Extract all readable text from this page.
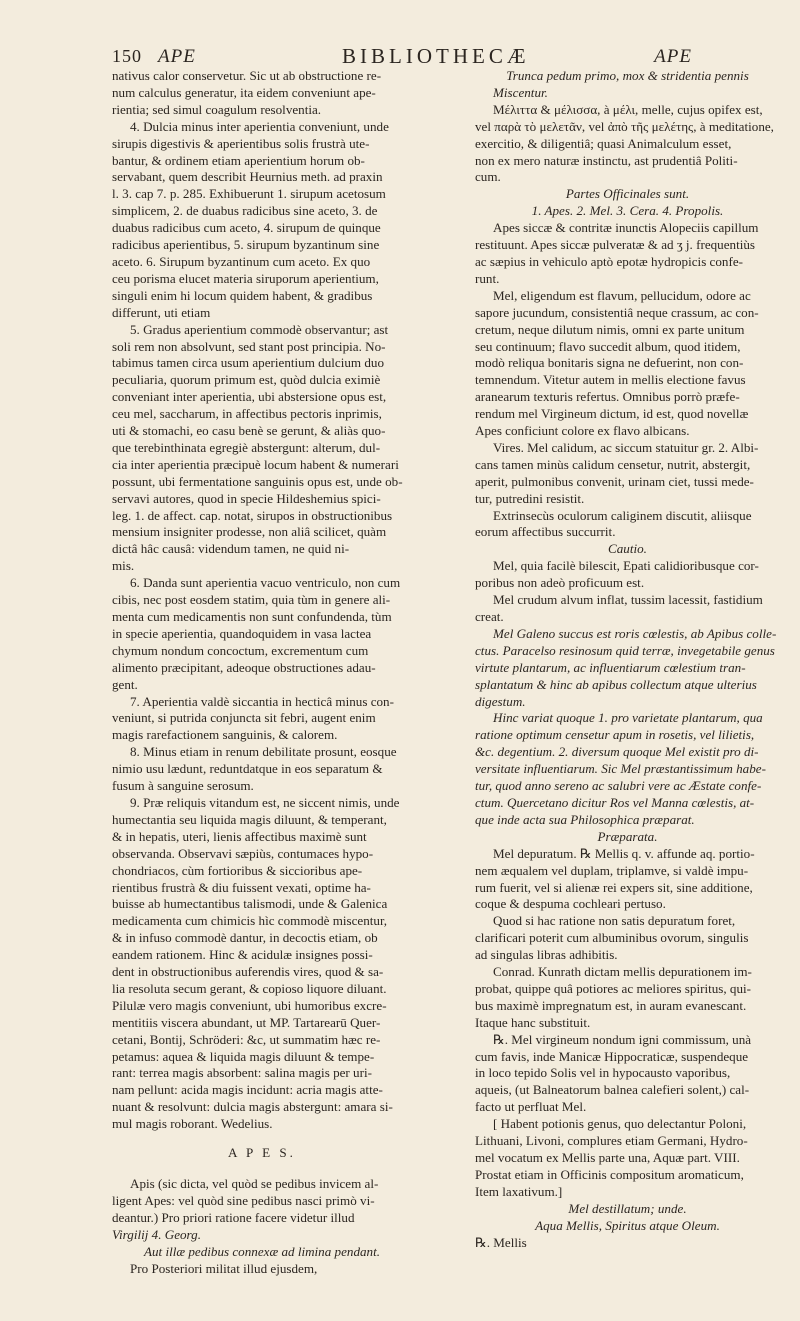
150 APE	BIBLIOTHECÆ	APE

nativus calor conservetur. Sic ut ab obstructione re-

num calculus generatur, ita eidem conveniunt ape-

rientia; sed simul coagulum resolventia.

4. Dulcia minus inter aperientia conveniunt, unde

sirupis digestivis & aperientibus solis frustrà ute-

bantur, & ordinem etiam aperientium horum ob-

servabant, quem describit Heurnius meth. ad praxin

l. 3. cap 7. p. 285. Exhibuerunt 1. sirupum acetosum

simplicem, 2. de duabus radicibus sine aceto, 3. de

duabus radicibus cum aceto, 4. sirupum de quinque

radicibus aperientibus, 5. sirupum byzantinum sine

aceto. 6. Sirupum byzantinum cum aceto. Ex quo

ceu porisma elucet materia siruporum aperientium,

singuli enim hi locum quidem habent, & gradibus

differunt, uti etiam

5. Gradus aperientium commodè observantur; ast

soli rem non absolvunt, sed stant post principia. No-

tabimus tamen circa usum aperientium dulcium duo

peculiaria, quorum primum est, quòd dulcia eximiè

conveniant inter aperientia, ubi abstersione opus est,

ceu mel, saccharum, in affectibus pectoris inprimis,

uti & stomachi, eo casu benè se gerunt, & aliàs quo-

que terebinthinata egregiè abstergunt: alterum, dul-

cia inter aperientia præcipuè locum habent & numerari

possunt, ubi fermentatione sanguinis opus est, unde ob-

servavi autores, quod in specie Hildeshemius spici-

leg. 1. de affect. cap. notat, sirupos in obstructionibus

mensium insigniter prodesse, non aliâ scilicet, quàm

dictâ hâc causâ: videndum tamen, ne quid ni-

mis.

6. Danda sunt aperientia vacuo ventriculo, non cum

cibis, nec post eosdem statim, quia tùm in genere ali-

menta cum medicamentis non sunt confundenda, tùm

in specie aperientia, quandoquidem in vasa lactea

chymum nondum concoctum, excrementum cum

alimento præcipitant, adeoque obstructiones adau-

gent.

7. Aperientia valdè siccantia in hecticâ minus con-

veniunt, si putrida conjuncta sit febri, augent enim

magis rarefactionem sanguinis, & calorem.

8. Minus etiam in renum debilitate prosunt, eosque

nimio usu lædunt, reduntdatque in eos separatum &

fusum à sanguine serosum.

9. Præ reliquis vitandum est, ne siccent nimis, unde

humectantia seu liquida magis diluunt, & temperant,

& in hepatis, uteri, lienis affectibus maximè sunt

observanda. Observavi sæpiùs, contumaces hypo-

chondriacos, cùm fortioribus & siccioribus ape-

rientibus frustrà & diu fuissent vexati, optime ha-

buisse ab humectantibus talismodi, unde & Galenica

medicamenta cum chimicis hìc commodè miscentur,

& in infuso commodè dantur, in decoctis etiam, ob

eandem rationem. Hinc & acidulæ insignes possi-

dent in obstructionibus auferendis vires, quod & sa-

lia resoluta secum gerant, & copioso liquore diluant.

Pilulæ vero magis conveniunt, ubi humoribus excre-

mentitiis viscera abundant, ut MP. Tartarearū Quer-

cetani, Bontij, Schröderi: &c, ut summatim hæc re-

petamus: aquea & liquida magis diluunt & tempe-

rant: terrea magis absorbent: salina magis per uri-

nam pellunt: acida magis incidunt: acria magis atte-

nuant & resolvunt: dulcia magis abstergunt: amara si-

mul magis roborant. Wedelius.

A P E S.

Apis (sic dicta, vel quòd se pedibus invicem al-

ligent Apes: vel quòd sine pedibus nasci primò vi-

deantur.) Pro priori ratione facere videtur illud

Virgilij 4. Georg.

Aut illæ pedibus connexæ ad limina pendant.

Pro Posteriori militat illud ejusdem,

Trunca pedum primo, mox & stridentia pennis

Miscentur.

Μέλιττα & μέλισσα, à μέλι, melle, cujus opifex est,

vel παρὰ τὸ μελετᾶν, vel ἀπὸ τῆς μελέτης, à meditatione,

exercitio, & diligentiâ; quasi Animalculum esset,

non ex mero naturæ instinctu, ast prudentiâ Politi-

cum.

Partes Officinales sunt.

1. Apes. 2. Mel. 3. Cera. 4. Propolis.

Apes siccæ & contritæ inunctis Alopeciis capillum

restituunt. Apes siccæ pulveratæ & ad ʒ j. frequentiùs

ac sæpius in vehiculo aptò epotæ hydropicis confe-

runt.

Mel, eligendum est flavum, pellucidum, odore ac

sapore jucundum, consistentiâ neque crassum, ac con-

cretum, neque dilutum nimis, omni ex parte unitum

seu continuum; flavo succedit album, quod itidem,

modò reliqua bonitaris signa ne defuerint, non con-

temnendum. Vitetur autem in mellis electione favus

aranearum texturis refertus. Omnibus porrò præfe-

rendum mel Virgineum dictum, id est, quod novellæ

Apes conficiunt colore ex flavo albicans.

Vires. Mel calidum, ac siccum statuitur gr. 2. Albi-

cans tamen minùs calidum censetur, nutrit, abstergit,

aperit, pulmonibus convenit, urinam ciet, tussi mede-

tur, putredini resistit.

Extrinsecùs oculorum caliginem discutit, aliisque

eorum affectibus succurrit.

Cautio.

Mel, quia facilè bilescit, Epati calidioribusque cor-

poribus non adeò proficuum est.

Mel crudum alvum inflat, tussim lacessit, fastidium

creat.

Mel Galeno succus est roris cœlestis, ab Apibus colle-

ctus. Paracelso resinosum quid terræ, invegetabile genus

virtute plantarum, ac influentiarum cœlestium tran-

splantatum & hinc ab apibus collectum atque ulterius

digestum.

Hinc variat quoque 1. pro varietate plantarum, qua

ratione optimum censetur apum in rosetis, vel lilietis,

&c. degentium. 2. diversum quoque Mel existit pro di-

versitate influentiarum. Sic Mel præstantissimum habe-

tur, quod anno sereno ac salubri vere ac Æstate confe-

ctum. Quercetano dicitur Ros vel Manna cœlestis, at-

que inde acta sua Philosophica præparat.

Præparata.

Mel depuratum. ℞ Mellis q. v. affunde aq. portio-

nem æqualem vel duplam, triplamve, si valdè impu-

rum fuerit, vel si alienæ rei expers sit, sine additione,

coque & despuma cochleari pertuso.

Quod si hac ratione non satis depuratum foret,

clarificari poterit cum albuminibus ovorum, singulis

ad singulas libras adhibitis.

Conrad. Kunrath dictam mellis depurationem im-

probat, quippe quâ potiores ac meliores spiritus, qui-

bus maximè impregnatum est, in auram evanescant.

Itaque hanc substituit.

℞. Mel virgineum nondum igni commissum, unà

cum favis, inde Manicæ Hippocraticæ, suspendeque

in loco tepido Solis vel in hypocausto vaporibus,

aqueis, (ut Balneatorum balnea calefieri solent,) cal-

facto ut perfluat Mel.

[ Habent potionis genus, quo delectantur Poloni,

Lithuani, Livoni, complures etiam Germani, Hydro-

mel vocatum ex Mellis parte una, Aquæ part. VIII.

Prostat etiam in Officinis compositum aromaticum,

Item laxativum.]

Mel destillatum; unde.

Aqua Mellis, Spiritus atque Oleum.

℞. Mellis
